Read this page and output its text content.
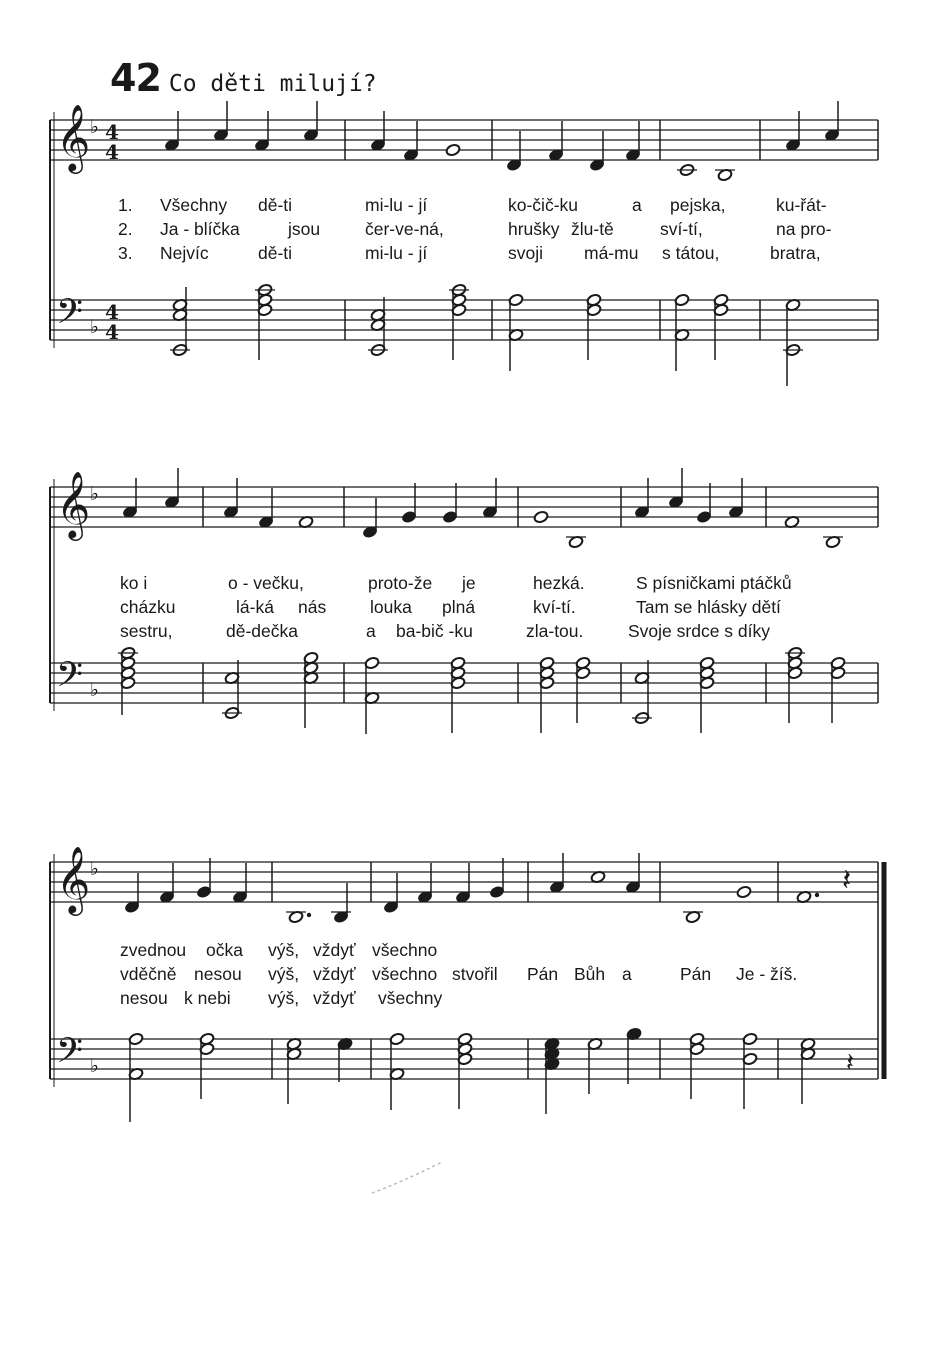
𝄞
𝄢
♭
♭
4
4
4
4
𝄞
𝄢
♭
♭
𝄞
𝄢
♭
♭
𝄽
𝄽
42 Co děti milují?
1. Všechny dě-ti	mi-lu - jí	ko-čič-ku	a pejska,	ku-řát-
2. Ja - blíčka	jsou	čer-ve-ná,	hrušky žlu-tě	sví-tí,	na pro-
3. Nejvíc	dě-ti	mi-lu - jí	svoji má-mu s tátou,	bratra,
ko i	o - večku,	proto-že je	hezká.	S písničkami ptáčků
cházku	lá-ká nás	louka plná	kví-tí.	Tam se hlásky dětí
sestru,	dě-dečka	a ba-bič -ku	zla-tou.	Svoje srdce s díky
zvednou očka výš, vždyť všechno
vděčně nesou výš, vždyť všechno stvořil Pán Bůh a	Pán Je - žíš.
nesou k nebi výš, vždyť všechny
